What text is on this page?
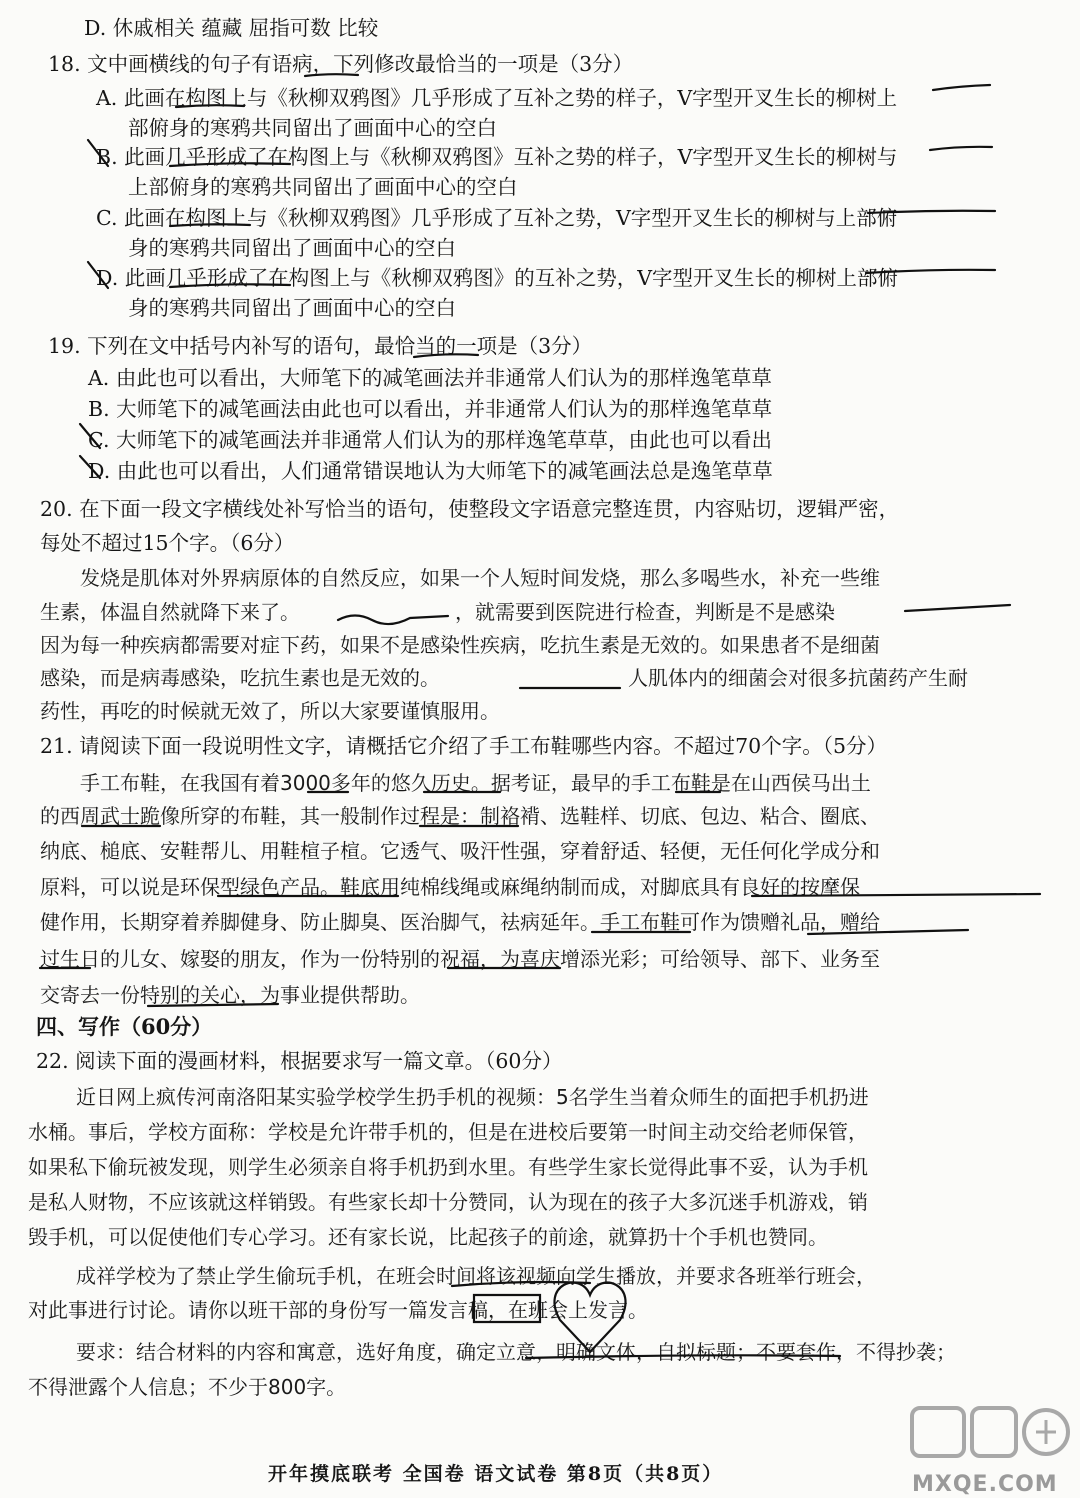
D. 休戚相关 蕴藏 屈指可数 比较
18. 文中画横线的句子有语病，下列修改最恰当的一项是（3分）
A. 此画在构图上与《秋柳双鸦图》几乎形成了互补之势的样子，V字型开叉生长的柳树上
部俯身的寒鸦共同留出了画面中心的空白
B. 此画几乎形成了在构图上与《秋柳双鸦图》互补之势的样子，V字型开叉生长的柳树与
上部俯身的寒鸦共同留出了画面中心的空白
C. 此画在构图上与《秋柳双鸦图》几乎形成了互补之势，V字型开叉生长的柳树与上部俯
身的寒鸦共同留出了画面中心的空白
D. 此画几乎形成了在构图上与《秋柳双鸦图》的互补之势，V字型开叉生长的柳树上部俯
身的寒鸦共同留出了画面中心的空白
19. 下列在文中括号内补写的语句，最恰当的一项是（3分）
A. 由此也可以看出，大师笔下的减笔画法并非通常人们认为的那样逸笔草草
B. 大师笔下的减笔画法由此也可以看出，并非通常人们认为的那样逸笔草草
C. 大师笔下的减笔画法并非通常人们认为的那样逸笔草草，由此也可以看出
D. 由此也可以看出，人们通常错误地认为大师笔下的减笔画法总是逸笔草草
20. 在下面一段文字横线处补写恰当的语句，使整段文字语意完整连贯，内容贴切，逻辑严密，
每处不超过15个字。（6分）
发烧是肌体对外界病原体的自然反应，如果一个人短时间发烧，那么多喝些水，补充一些维
生素，体温自然就降下来了。	，就需要到医院进行检查，判断是不是感染
因为每一种疾病都需要对症下药，如果不是感染性疾病，吃抗生素是无效的。如果患者不是细菌
感染，而是病毒感染，吃抗生素也是无效的。	人肌体内的细菌会对很多抗菌药产生耐
药性，再吃的时候就无效了，所以大家要谨慎服用。
21. 请阅读下面一段说明性文字，请概括它介绍了手工布鞋哪些内容。不超过70个字。（5分）
手工布鞋，在我国有着3000多年的悠久历史。据考证，最早的手工布鞋是在山西侯马出土
的西周武士跪像所穿的布鞋，其一般制作过程是：制袼褙、选鞋样、切底、包边、粘合、圈底、
纳底、槌底、安鞋帮儿、用鞋楦子楦。它透气、吸汗性强，穿着舒适、轻便，无任何化学成分和
原料，可以说是环保型绿色产品。鞋底用纯棉线绳或麻绳纳制而成，对脚底具有良好的按摩保
健作用，长期穿着养脚健身、防止脚臭、医治脚气，祛病延年。手工布鞋可作为馈赠礼品，赠给
过生日的儿女、嫁娶的朋友，作为一份特别的祝福，为喜庆增添光彩；可给领导、部下、业务至
交寄去一份特别的关心，为事业提供帮助。
四、写作（60分）
22. 阅读下面的漫画材料，根据要求写一篇文章。（60分）
近日网上疯传河南洛阳某实验学校学生扔手机的视频：5名学生当着众师生的面把手机扔进
水桶。事后，学校方面称：学校是允许带手机的，但是在进校后要第一时间主动交给老师保管，
如果私下偷玩被发现，则学生必须亲自将手机扔到水里。有些学生家长觉得此事不妥，认为手机
是私人财物，不应该就这样销毁。有些家长却十分赞同，认为现在的孩子大多沉迷手机游戏，销
毁手机，可以促使他们专心学习。还有家长说，比起孩子的前途，就算扔十个手机也赞同。
成祥学校为了禁止学生偷玩手机，在班会时间将该视频向学生播放，并要求各班举行班会，
对此事进行讨论。请你以班干部的身份写一篇发言稿，在班会上发言。
要求：结合材料的内容和寓意，选好角度，确定立意，明确文体，自拟标题；不要套作，不得抄袭；
不得泄露个人信息；不少于800字。
开年摸底联考 全国卷 语文试卷 第8页（共8页）	MXQE.COM
